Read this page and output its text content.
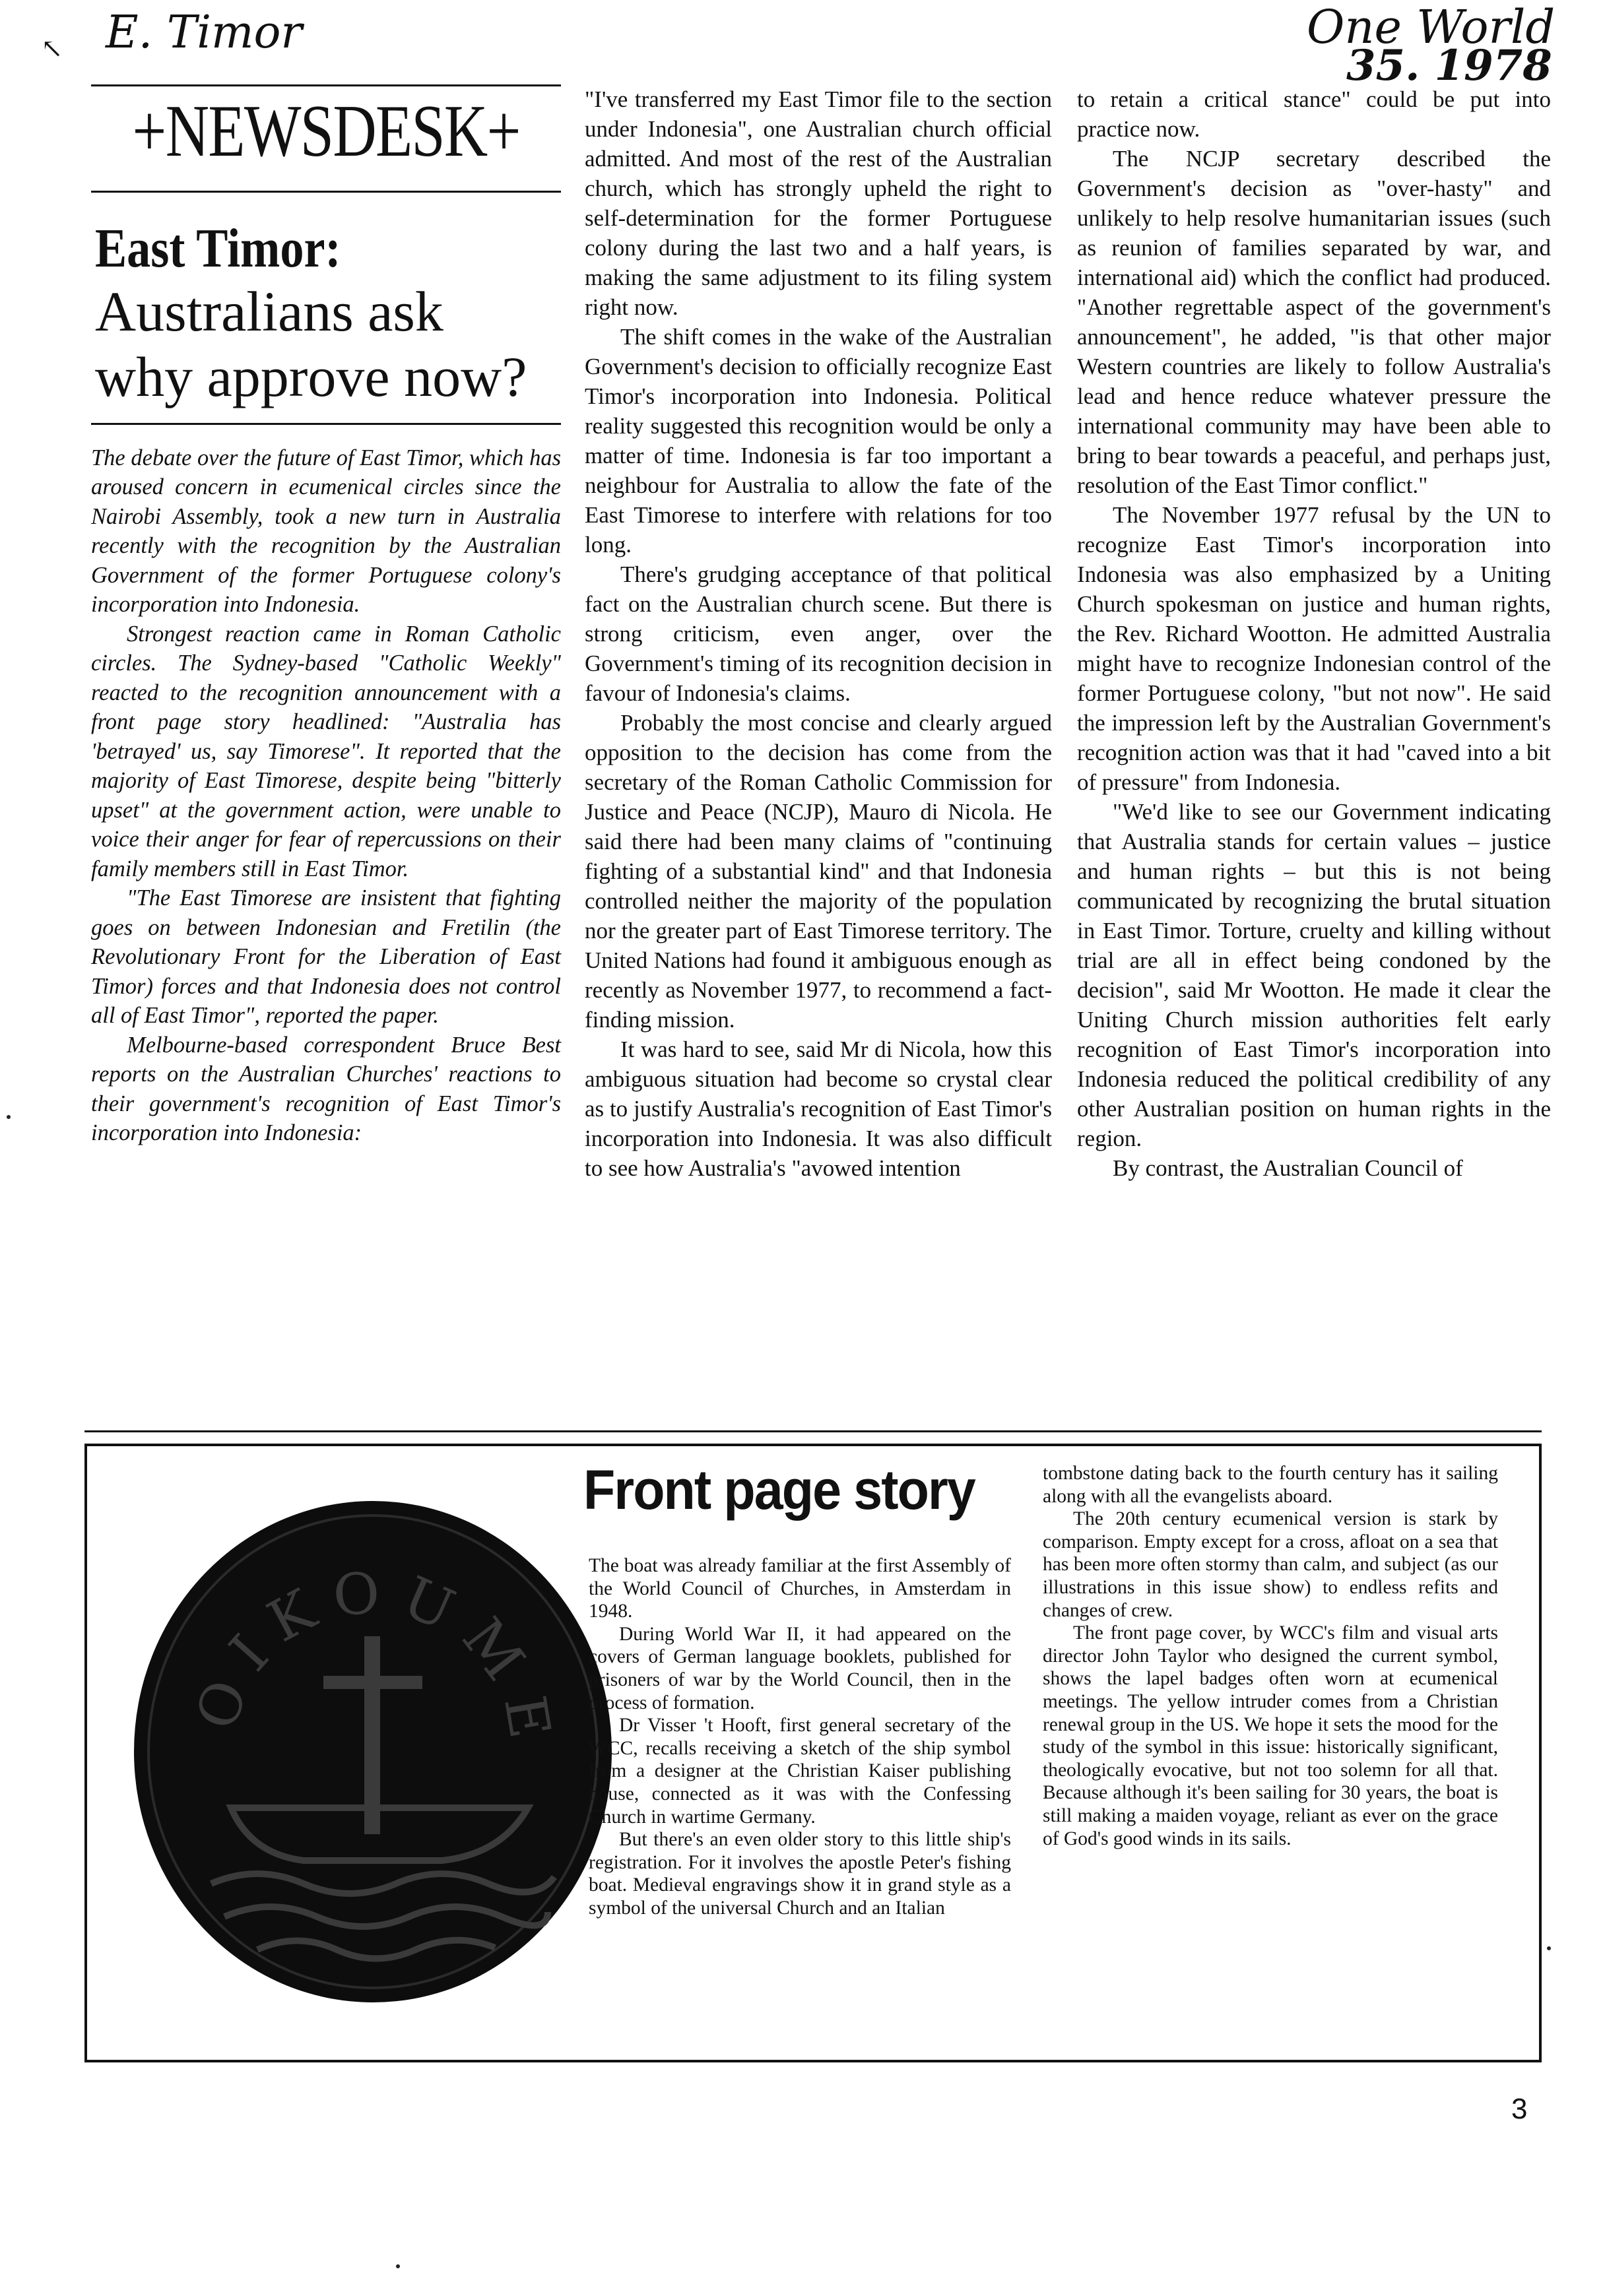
↖ E. Timor	One World
35. 1978
+NEWSDESK+
East Timor:
Australians ask
why approve now?

The debate over the future of East Timor, which has aroused concern in ecumenical circles since the Nairobi Assembly, took a new turn in Australia recently with the recognition by the Australian Government of the former Portuguese colony's incorporation into Indonesia.

Strongest reaction came in Roman Catholic circles. The Sydney-based "Catholic Weekly" reacted to the recognition announcement with a front page story headlined: "Australia has 'betrayed' us, say Timorese". It reported that the majority of East Timorese, despite being "bitterly upset" at the government action, were unable to voice their anger for fear of repercussions on their family members still in East Timor.

"The East Timorese are insistent that fighting goes on between Indonesian and Fretilin (the Revolutionary Front for the Liberation of East Timor) forces and that Indonesia does not control all of East Timor", reported the paper.

Melbourne-based correspondent Bruce Best reports on the Australian Churches' reactions to their government's recognition of East Timor's incorporation into Indonesia:

"I've transferred my East Timor file to the section under Indonesia", one Australian church official admitted. And most of the rest of the Australian church, which has strongly upheld the right to self-determination for the former Portuguese colony during the last two and a half years, is making the same adjustment to its filing system right now.

The shift comes in the wake of the Australian Government's decision to officially recognize East Timor's incorporation into Indonesia. Political reality suggested this recognition would be only a matter of time. Indonesia is far too important a neighbour for Australia to allow the fate of the East Timorese to interfere with relations for too long.

There's grudging acceptance of that political fact on the Australian church scene. But there is strong criticism, even anger, over the Government's timing of its recognition decision in favour of Indonesia's claims.

Probably the most concise and clearly argued opposition to the decision has come from the secretary of the Roman Catholic Commission for Justice and Peace (NCJP), Mauro di Nicola. He said there had been many claims of "continuing fighting of a substantial kind" and that Indonesia controlled neither the majority of the population nor the greater part of East Timorese territory. The United Nations had found it ambiguous enough as recently as November 1977, to recommend a fact-finding mission.

It was hard to see, said Mr di Nicola, how this ambiguous situation had become so crystal clear as to justify Australia's recognition of East Timor's incorporation into Indonesia. It was also difficult to see how Australia's "avowed intention

to retain a critical stance" could be put into practice now.

The NCJP secretary described the Government's decision as "over-hasty" and unlikely to help resolve humanitarian issues (such as reunion of families separated by war, and international aid) which the conflict had produced. "Another regrettable aspect of the government's announcement", he added, "is that other major Western countries are likely to follow Australia's lead and hence reduce whatever pressure the international community may have been able to bring to bear towards a peaceful, and perhaps just, resolution of the East Timor conflict."

The November 1977 refusal by the UN to recognize East Timor's incorporation into Indonesia was also emphasized by a Uniting Church spokesman on justice and human rights, the Rev. Richard Wootton. He admitted Australia might have to recognize Indonesian control of the former Portuguese colony, "but not now". He said the impression left by the Australian Government's recognition action was that it had "caved into a bit of pressure" from Indonesia.

"We'd like to see our Government indicating that Australia stands for certain values – justice and human rights – but this is not being communicated by recognizing the brutal situation in East Timor. Torture, cruelty and killing without trial are all in effect being condoned by the decision", said Mr Wootton. He made it clear the Uniting Church mission authorities felt early recognition of East Timor's incorporation into Indonesia reduced the political credibility of any other Australian position on human rights in the region.

By contrast, the Australian Council of

OIKOUME
Front page story

The boat was already familiar at the first Assembly of the World Council of Churches, in Amsterdam in 1948.

During World War II, it had appeared on the covers of German language booklets, published for prisoners of war by the World Council, then in the process of formation.

Dr Visser 't Hooft, first general secretary of the WCC, recalls receiving a sketch of the ship symbol from a designer at the Christian Kaiser publishing house, connected as it was with the Confessing Church in wartime Germany.

But there's an even older story to this little ship's registration. For it involves the apostle Peter's fishing boat. Medieval engravings show it in grand style as a symbol of the universal Church and an Italian

tombstone dating back to the fourth century has it sailing along with all the evangelists aboard.

The 20th century ecumenical version is stark by comparison. Empty except for a cross, afloat on a sea that has been more often stormy than calm, and subject (as our illustrations in this issue show) to endless refits and changes of crew.

The front page cover, by WCC's film and visual arts director John Taylor who designed the current symbol, shows the lapel badges often worn at ecumenical meetings. The yellow intruder comes from a Christian renewal group in the US. We hope it sets the mood for the study of the symbol in this issue: historically significant, theologically evocative, but not too solemn for all that. Because although it's been sailing for 30 years, the boat is still making a maiden voyage, reliant as ever on the grace of God's good winds in its sails.

3
